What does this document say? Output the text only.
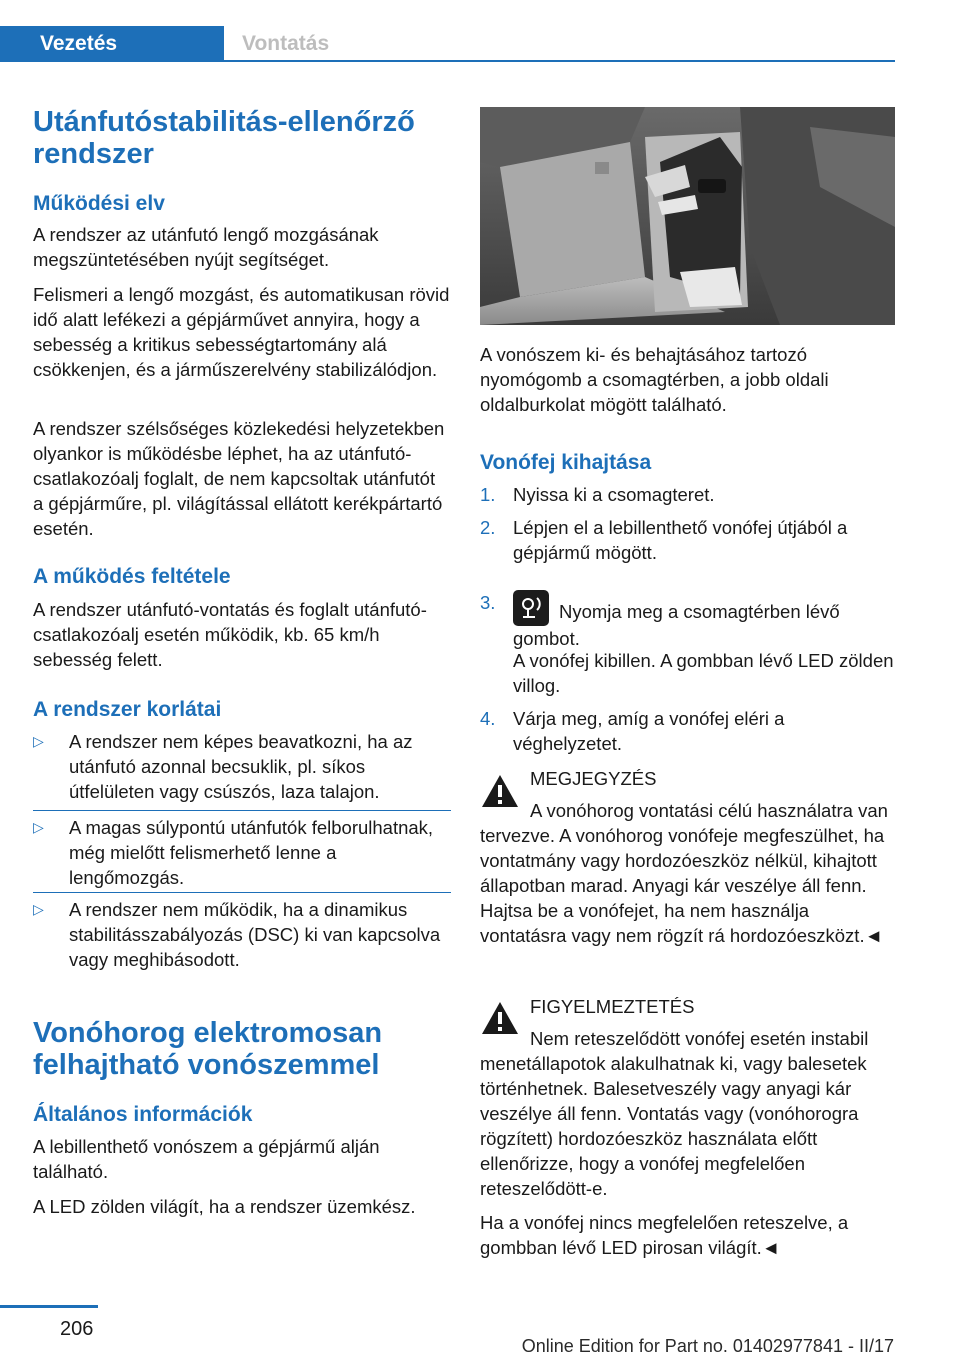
Vezetés	Vontatás
Utánfutóstabilitás-ellenőrző
rendszer
Működési elv
A rendszer az utánfutó lengő mozgásának megszüntetésében nyújt segítséget.
Felismeri a lengő mozgást, és automatikusan rövid idő alatt lefékezi a gépjárművet annyira, hogy a sebesség a kritikus sebességtartomány alá csökkenjen, és a járműszerelvény stabilizálódjon.
A rendszer szélsőséges közlekedési helyzetekben olyankor is működésbe léphet, ha az utánfutó-csatlakozóalj foglalt, de nem kapcsoltak utánfutót a gépjárműre, pl. világítással ellátott kerékpártartó esetén.
A működés feltétele
A rendszer utánfutó-vontatás és foglalt utánfutó-csatlakozóalj esetén működik, kb. 65 km/h sebesség felett.
A rendszer korlátai
▷ A rendszer nem képes beavatkozni, ha az utánfutó azonnal becsuklik, pl. síkos útfelületen vagy csúszós, laza talajon.
▷ A magas súlypontú utánfutók felborulhatnak, még mielőtt felismerhető lenne a lengőmozgás.
▷ A rendszer nem működik, ha a dinamikus stabilitásszabályozás (DSC) ki van kapcsolva vagy meghibásodott.
Vonóhorog elektromosan
felhajtható vonószemmel
Általános információk
A lebillenthető vonószem a gépjármű alján található.
A LED zölden világít, ha a rendszer üzemkész.
A vonószem ki- és behajtásához tartozó nyomógomb a csomagtérben, a jobb oldali oldalburkolat mögött található.
Vonófej kihajtása
1. Nyissa ki a csomagteret.
2. Lépjen el a lebillenthető vonófej útjából a gépjármű mögött.
3.	Nyomja meg a csomagtérben lévő gombot.
A vonófej kibillen. A gombban lévő LED zölden villog.
4. Várja meg, amíg a vonófej eléri a véghelyzetet.
MEGJEGYZÉS
A vonóhorog vontatási célú használatra van tervezve. A vonóhorog vonófeje megfeszülhet, ha vontatmány vagy hordozóeszköz nélkül, kihajtott állapotban marad. Anyagi kár veszélye áll fenn. Hajtsa be a vonófejet, ha nem használja vontatásra vagy nem rögzít rá hordozóeszközt.◄
FIGYELMEZTETÉS
Nem reteszelődött vonófej esetén instabil menetállapotok alakulhatnak ki, vagy balesetek történhetnek. Balesetveszély vagy anyagi kár veszélye áll fenn. Vontatás vagy (vonóhorogra rögzített) hordozóeszköz használata előtt ellenőrizze, hogy a vonófej megfelelően reteszelődött-e.
Ha a vonófej nincs megfelelően reteszelve, a gombban lévő LED pirosan világít.◄
206
Online Edition for Part no. 01402977841 - II/17
